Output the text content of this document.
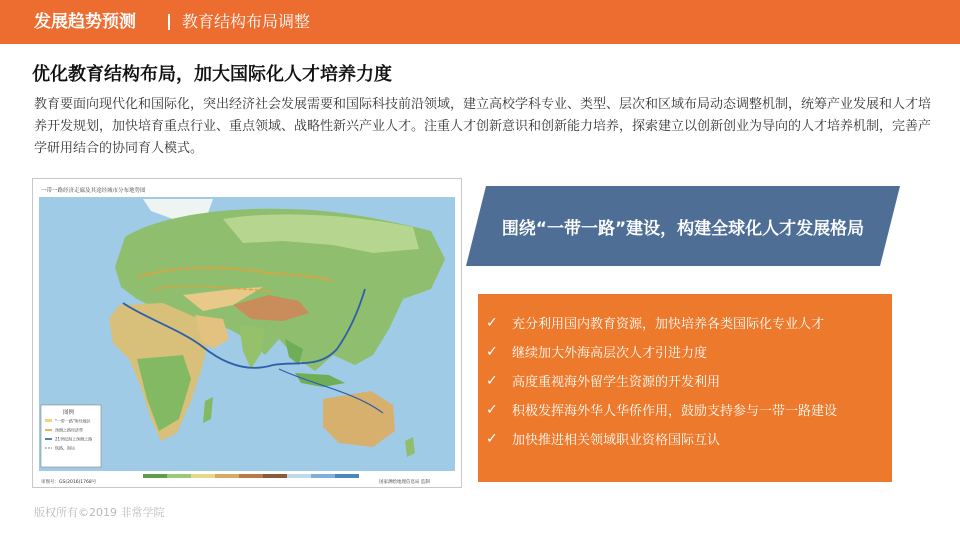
发展趋势预测	教育结构布局调整
优化教育结构布局，加大国际化人才培养力度
教育要面向现代化和国际化，突出经济社会发展需要和国际科技前沿领域，建立高校学科专业、类型、层次和区域布局动态调整机制，统筹产业发展和人才培养开发规划，加快培育重点行业、重点领域、战略性新兴产业人才。注重人才创新意识和创新能力培养，探索建立以创新创业为导向的人才培养机制，完善产学研用结合的协同育人模式。
一带一路经济走廊及其途经城市分布地势图
图例
"一带一路"所经地区
丝绸之路经济带
21世纪海上丝绸之路
铁路、海运
审图号：GS(2016)1768号	国家测绘地理信息局 监制
围绕“一带一路”建设，构建全球化人才发展格局
✓	充分利用国内教育资源，加快培养各类国际化专业人才
✓	继续加大外海高层次人才引进力度
✓	高度重视海外留学生资源的开发利用
✓	积极发挥海外华人华侨作用，鼓励支持参与一带一路建设
✓	加快推进相关领域职业资格国际互认
版权所有©2019 非常学院
